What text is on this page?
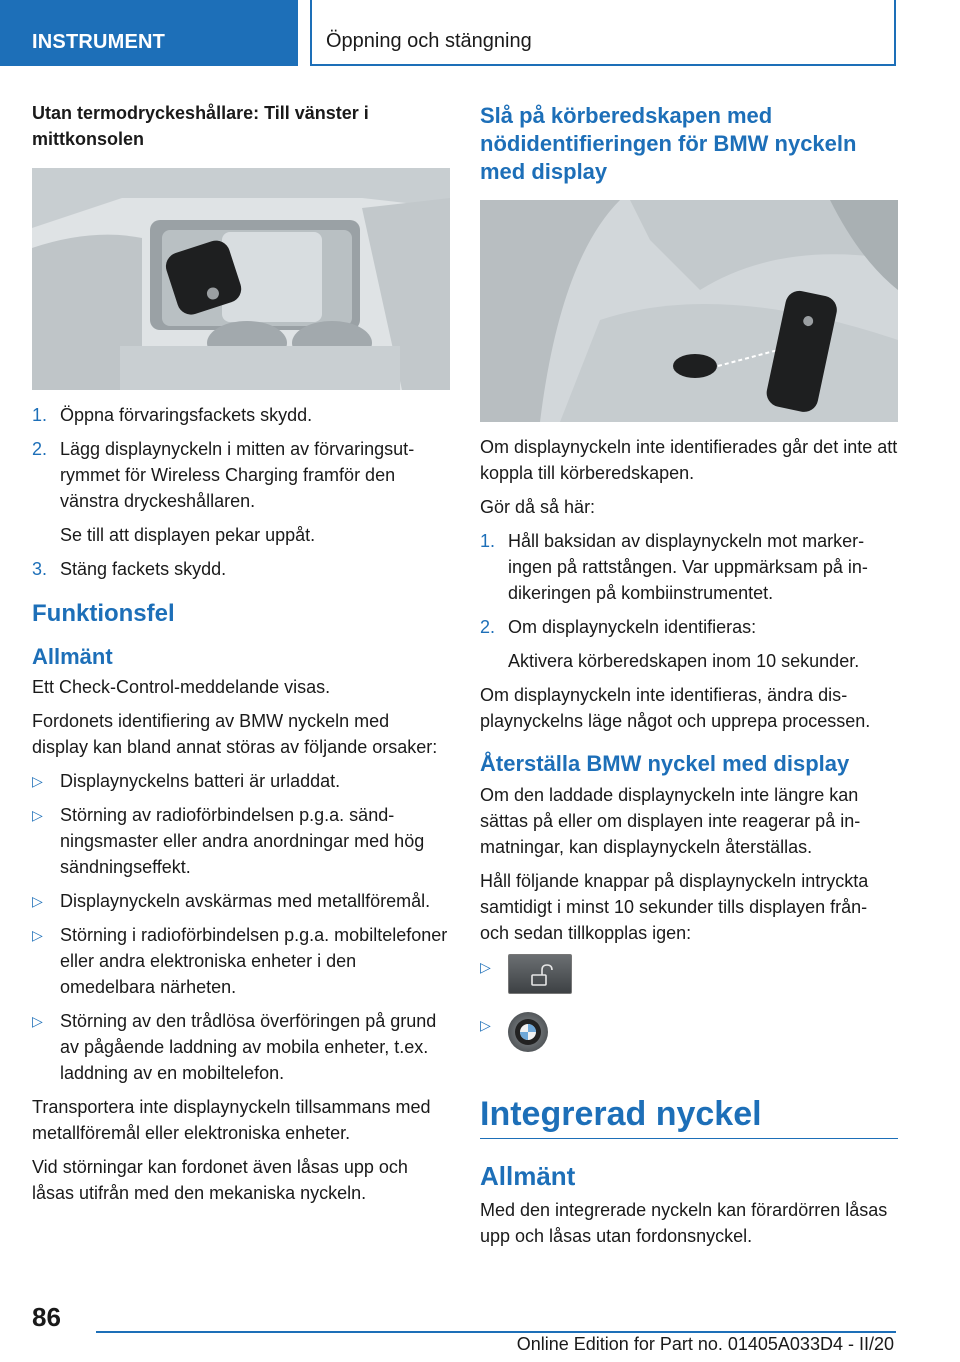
INSTRUMENT	Öppning och stängning
Utan termodryckeshållare: Till vänster i mittkonsolen
1. Öppna förvaringsfackets skydd.
2. Lägg displaynyckeln i mitten av förvaringsutrymmet för Wireless Charging framför den vänstra dryckeshållaren.
Se till att displayen pekar uppåt.
3. Stäng fackets skydd.
Funktionsfel
Allmänt
Ett Check-Control-meddelande visas.
Fordonets identifiering av BMW nyckeln med display kan bland annat störas av följande orsaker:
▷ Displaynyckelns batteri är urladdat.
▷ Störning av radioförbindelsen p.g.a. sändningsmaster eller andra anordningar med hög sändningseffekt.
▷ Displaynyckeln avskärmas med metallföremål.
▷ Störning i radioförbindelsen p.g.a. mobiltelefoner eller andra elektroniska enheter i den omedelbara närheten.
▷ Störning av den trådlösa överföringen på grund av pågående laddning av mobila enheter, t.ex. laddning av en mobiltelefon.
Transportera inte displaynyckeln tillsammans med metallföremål eller elektroniska enheter.
Vid störningar kan fordonet även låsas upp och låsas utifrån med den mekaniska nyckeln.
Slå på körberedskapen med nödidentifieringen för BMW nyckeln med display
Om displaynyckeln inte identifierades går det inte att koppla till körberedskapen.
Gör då så här:
1. Håll baksidan av displaynyckeln mot markeringen på rattstången. Var uppmärksam på indikeringen på kombiinstrumentet.
2. Om displaynyckeln identifieras:
Aktivera körberedskapen inom 10 sekunder.
Om displaynyckeln inte identifieras, ändra displaynyckelns läge något och upprepa processen.
Återställa BMW nyckel med display
Om den laddade displaynyckeln inte längre kan sättas på eller om displayen inte reagerar på inmatningar, kan displaynyckeln återställas.
Håll följande knappar på displaynyckeln intryckta samtidigt i minst 10 sekunder tills displayen från- och sedan tillkopplas igen:
▷
▷
Integrerad nyckel
Allmänt
Med den integrerade nyckeln kan förardörren låsas upp och låsas utan fordonsnyckel.
86
Online Edition for Part no. 01405A033D4 - II/20
